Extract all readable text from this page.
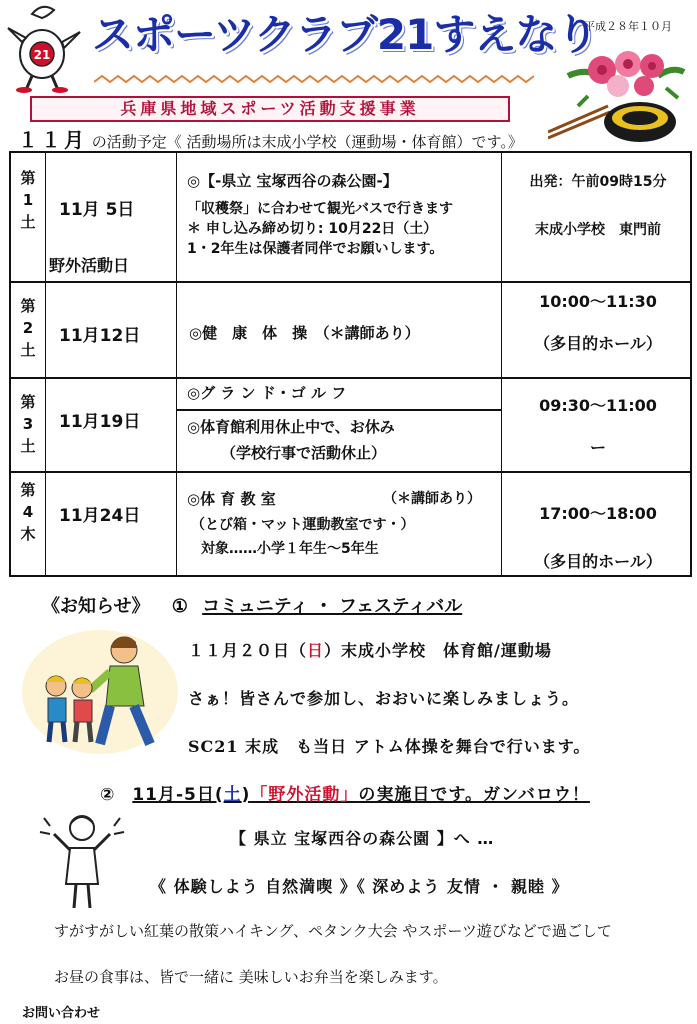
21 スポーツクラブ21すえなり
平成２８年１０月
兵庫県地域スポーツ活動支援事業
１１月 の活動予定《 活動場所は末成小学校（運動場・体育館）です。》
第
1
土
11月 5日
野外活動日
◎【-県立 宝塚西谷の森公園-】
「収穫祭」に合わせて観光バスで行きます
＊ 申し込み締め切り: 10月22日（土）
1・2年生は保護者同伴でお願いします。
出発：午前09時15分
末成小学校　東門前
第
2
土
11月12日	◎健　康　体　操　（＊講師あり）
10:00〜11:30
（多目的ホール）
第
3
土
11月19日
◎グ ラ ン ド・ゴ ル フ
◎体育館利用休止中で、お休み
（学校行事で活動休止）
09:30〜11:00
ー
第
4
木
11月24日
◎体 育 教 室	（＊講師あり）
（とび箱・マット運動教室です・）
対象……小学１年生〜5年生
17:00〜18:00
（多目的ホール）
《お知らせ》 ① コミュニティ ・ フェスティバル
１１月２０日（日）末成小学校　体育館/運動場
さぁ！皆さんで参加し、おおいに楽しみましょう。
SC21 末成　も当日 アトム体操を舞台で行います。
② 11月-5日(土)「野外活動」の実施日です。ガンバロウ！
【 県立 宝塚西谷の森公園 】へ …
《 体験しよう 自然満喫 》《 深めよう 友情 ・ 親睦 》
すがすがしい紅葉の散策ハイキング、ペタンク大会 やスポーツ遊びなどで過ごして
お昼の食事は、皆で一緒に 美味しいお弁当を楽しみます。
お問い合わせ
